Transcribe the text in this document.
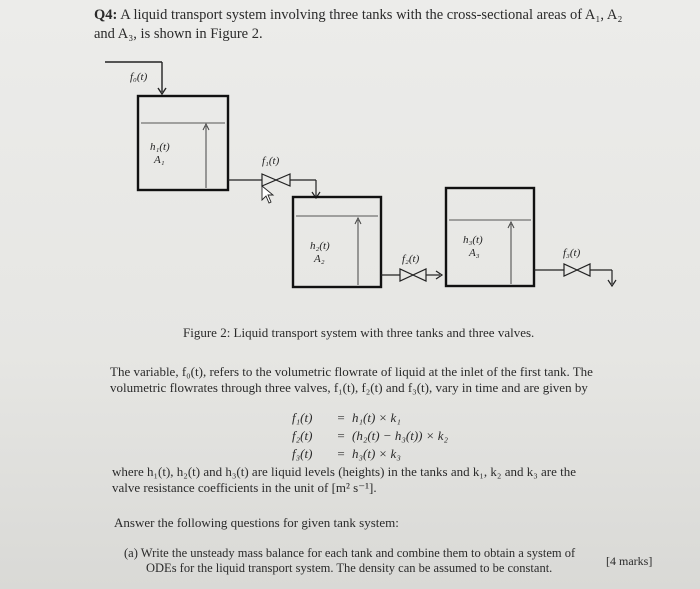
Q4: A liquid transport system involving three tanks with the cross-sectional areas of A₁, A₂
and A₃, is shown in Figure 2.
f₀(t)
h₁(t)
A₁	f₁(t)
h₂(t)
A₂	f₂(t)
h₃(t)
A₃	f₃(t)
Figure 2: Liquid transport system with three tanks and three valves.
The variable, f₀(t), refers to the volumetric flowrate of liquid at the inlet of the first tank. The
volumetric flowrates through three valves, f₁(t), f₂(t) and f₃(t), vary in time and are given by
f₁(t) = h₁(t) × k₁
f₂(t) = (h₂(t) − h₃(t)) × k₂
f₃(t) = h₃(t) × k₃
where h₁(t), h₂(t) and h₃(t) are liquid levels (heights) in the tanks and k₁, k₂ and k₃ are the
valve resistance coefficients in the unit of [m² s⁻¹].
Answer the following questions for given tank system:
(a) Write the unsteady mass balance for each tank and combine them to obtain a system of
ODEs for the liquid transport system. The density can be assumed to be constant.	[4 marks]
